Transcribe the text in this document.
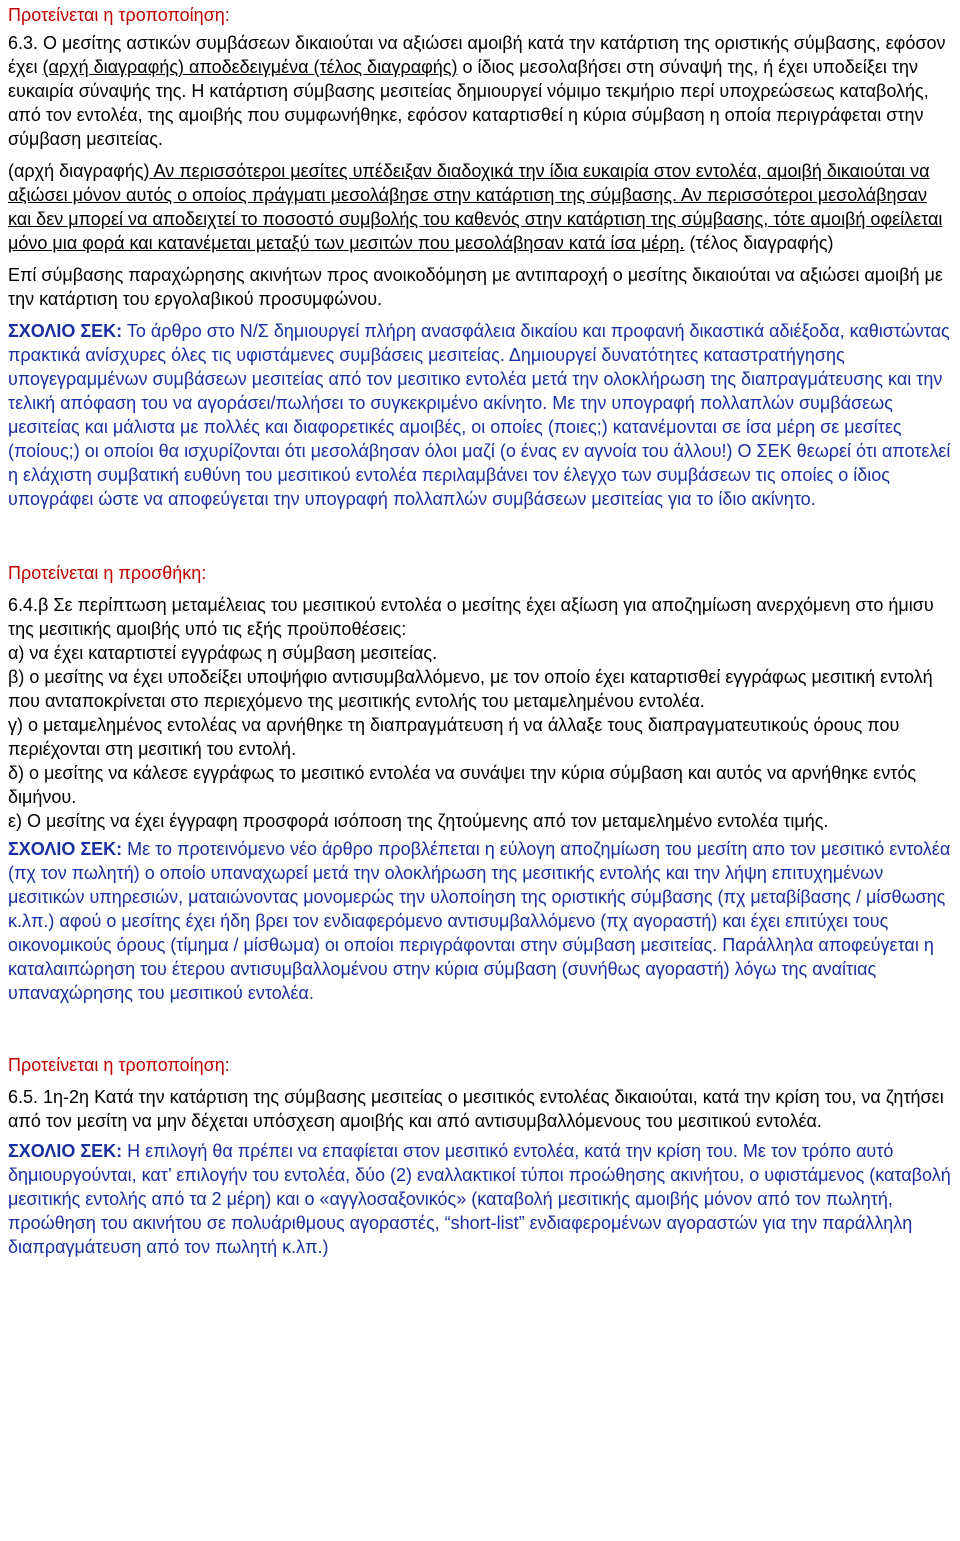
Προτείνεται η τροποποίηση:

6.3. Ο μεσίτης αστικών συμβάσεων δικαιούται να αξιώσει αμοιβή κατά την κατάρτιση της οριστικής σύμβασης, εφόσον έχει (αρχή διαγραφής) αποδεδειγμένα (τέλος διαγραφής) ο ίδιος μεσολαβήσει στη σύναψή της, ή έχει υποδείξει την ευκαιρία σύναψής της. Η κατάρτιση σύμβασης μεσιτείας δημιουργεί νόμιμο τεκμήριο περί υποχρεώσεως καταβολής, από τον εντολέα, της αμοιβής που συμφωνήθηκε, εφόσον καταρτισθεί η κύρια σύμβαση η οποία περιγράφεται στην σύμβαση μεσιτείας.

(αρχή διαγραφής) Αν περισσότεροι μεσίτες υπέδειξαν διαδοχικά την ίδια ευκαιρία στον εντολέα, αμοιβή δικαιούται να αξιώσει μόνον αυτός ο οποίος πράγματι μεσολάβησε στην κατάρτιση της σύμβασης. Αν περισσότεροι μεσολάβησαν και δεν μπορεί να αποδειχτεί το ποσοστό συμβολής του καθενός στην κατάρτιση της σύμβασης, τότε αμοιβή οφείλεται μόνο μια φορά και κατανέμεται μεταξύ των μεσιτών που μεσολάβησαν κατά ίσα μέρη. (τέλος διαγραφής)

Επί σύμβασης παραχώρησης ακινήτων προς ανοικοδόμηση με αντιπαροχή ο μεσίτης δικαιούται να αξιώσει αμοιβή με την κατάρτιση του εργολαβικού προσυμφώνου.

ΣΧΟΛΙΟ ΣΕΚ: Το άρθρο στο Ν/Σ δημιουργεί πλήρη ανασφάλεια δικαίου και προφανή δικαστικά αδιέξοδα, καθιστώντας πρακτικά ανίσχυρες όλες τις υφιστάμενες συμβάσεις μεσιτείας. Δημιουργεί δυνατότητες καταστρατήγησης υπογεγραμμένων συμβάσεων μεσιτείας από τον μεσιτικο εντολέα μετά την ολοκλήρωση της διαπραγμάτευσης και την τελική απόφαση του να αγοράσει/πωλήσει το συγκεκριμένο ακίνητο. Με την υπογραφή πολλαπλών συμβάσεως μεσιτείας και μάλιστα με πολλές και διαφορετικές αμοιβές, οι οποίες (ποιες;) κατανέμονται σε ίσα μέρη σε μεσίτες (ποίους;) οι οποίοι θα ισχυρίζονται ότι μεσολάβησαν όλοι μαζί (ο ένας εν αγνοία του άλλου!) Ο ΣΕΚ θεωρεί ότι αποτελεί η ελάχιστη συμβατική ευθύνη του μεσιτικού εντολέα περιλαμβάνει τον έλεγχο των συμβάσεων τις οποίες ο ίδιος υπογράφει ώστε να αποφεύγεται την υπογραφή πολλαπλών συμβάσεων μεσιτείας για το ίδιο ακίνητο.

Προτείνεται η προσθήκη:

6.4.β Σε περίπτωση μεταμέλειας του μεσιτικού εντολέα ο μεσίτης έχει αξίωση για αποζημίωση ανερχόμενη στο ήμισυ της μεσιτικής αμοιβής υπό τις εξής προϋποθέσεις:

α) να έχει καταρτιστεί εγγράφως η σύμβαση μεσιτείας.

β) ο μεσίτης να έχει υποδείξει υποψήφιο αντισυμβαλλόμενο, με τον οποίο έχει καταρτισθεί εγγράφως μεσιτική εντολή που ανταποκρίνεται στο περιεχόμενο της μεσιτικής εντολής του μεταμελημένου εντολέα.

γ) ο μεταμελημένος εντολέας να αρνήθηκε τη διαπραγμάτευση ή να άλλαξε τους διαπραγματευτικούς όρους που περιέχονται στη μεσιτική του εντολή.

δ) ο μεσίτης να κάλεσε εγγράφως το μεσιτικό εντολέα να συνάψει την κύρια σύμβαση και αυτός να αρνήθηκε εντός διμήνου.

ε) Ο μεσίτης να έχει έγγραφη προσφορά ισόποση της ζητούμενης από τον μεταμελημένο εντολέα τιμής.

ΣΧΟΛΙΟ ΣΕΚ: Με το προτεινόμενο νέο άρθρο προβλέπεται η εύλογη αποζημίωση του μεσίτη απο τον μεσιτικό εντολέα (πχ τον πωλητή) ο οποίο υπαναχωρεί μετά την ολοκλήρωση της μεσιτικής εντολής και την λήψη επιτυχημένων μεσιτικών υπηρεσιών, ματαιώνοντας μονομερώς την υλοποίηση της οριστικής σύμβασης (πχ μεταβίβασης / μίσθωσης κ.λπ.) αφού ο μεσίτης έχει ήδη βρει τον ενδιαφερόμενο αντισυμβαλλόμενο (πχ αγοραστή) και έχει επιτύχει τους οικονομικούς όρους (τίμημα / μίσθωμα) οι οποίοι περιγράφονται στην σύμβαση μεσιτείας. Παράλληλα αποφεύγεται η καταλαιπώρηση του έτερου αντισυμβαλλομένου στην κύρια σύμβαση (συνήθως αγοραστή) λόγω της αναίτιας υπαναχώρησης του μεσιτικού εντολέα.

Προτείνεται η τροποποίηση:

6.5. 1η-2η Κατά την κατάρτιση της σύμβασης μεσιτείας ο μεσιτικός εντολέας δικαιούται, κατά την κρίση του, να ζητήσει από τον μεσίτη να μην δέχεται υπόσχεση αμοιβής και από αντισυμβαλλόμενους του μεσιτικού εντολέα.

ΣΧΟΛΙΟ ΣΕΚ: Η επιλογή θα πρέπει να επαφίεται στον μεσιτικό εντολέα, κατά την κρίση του. Με τον τρόπο αυτό δημιουργούνται, κατ’ επιλογήν του εντολέα, δύο (2) εναλλακτικοί τύποι προώθησης ακινήτου, ο υφιστάμενος (καταβολή μεσιτικής εντολής από τα 2 μέρη) και ο «αγγλοσαξονικός» (καταβολή μεσιτικής αμοιβής μόνον από τον πωλητή, προώθηση του ακινήτου σε πολυάριθμους αγοραστές, “short-list” ενδιαφερομένων αγοραστών για την παράλληλη διαπραγμάτευση από τον πωλητή κ.λπ.)
